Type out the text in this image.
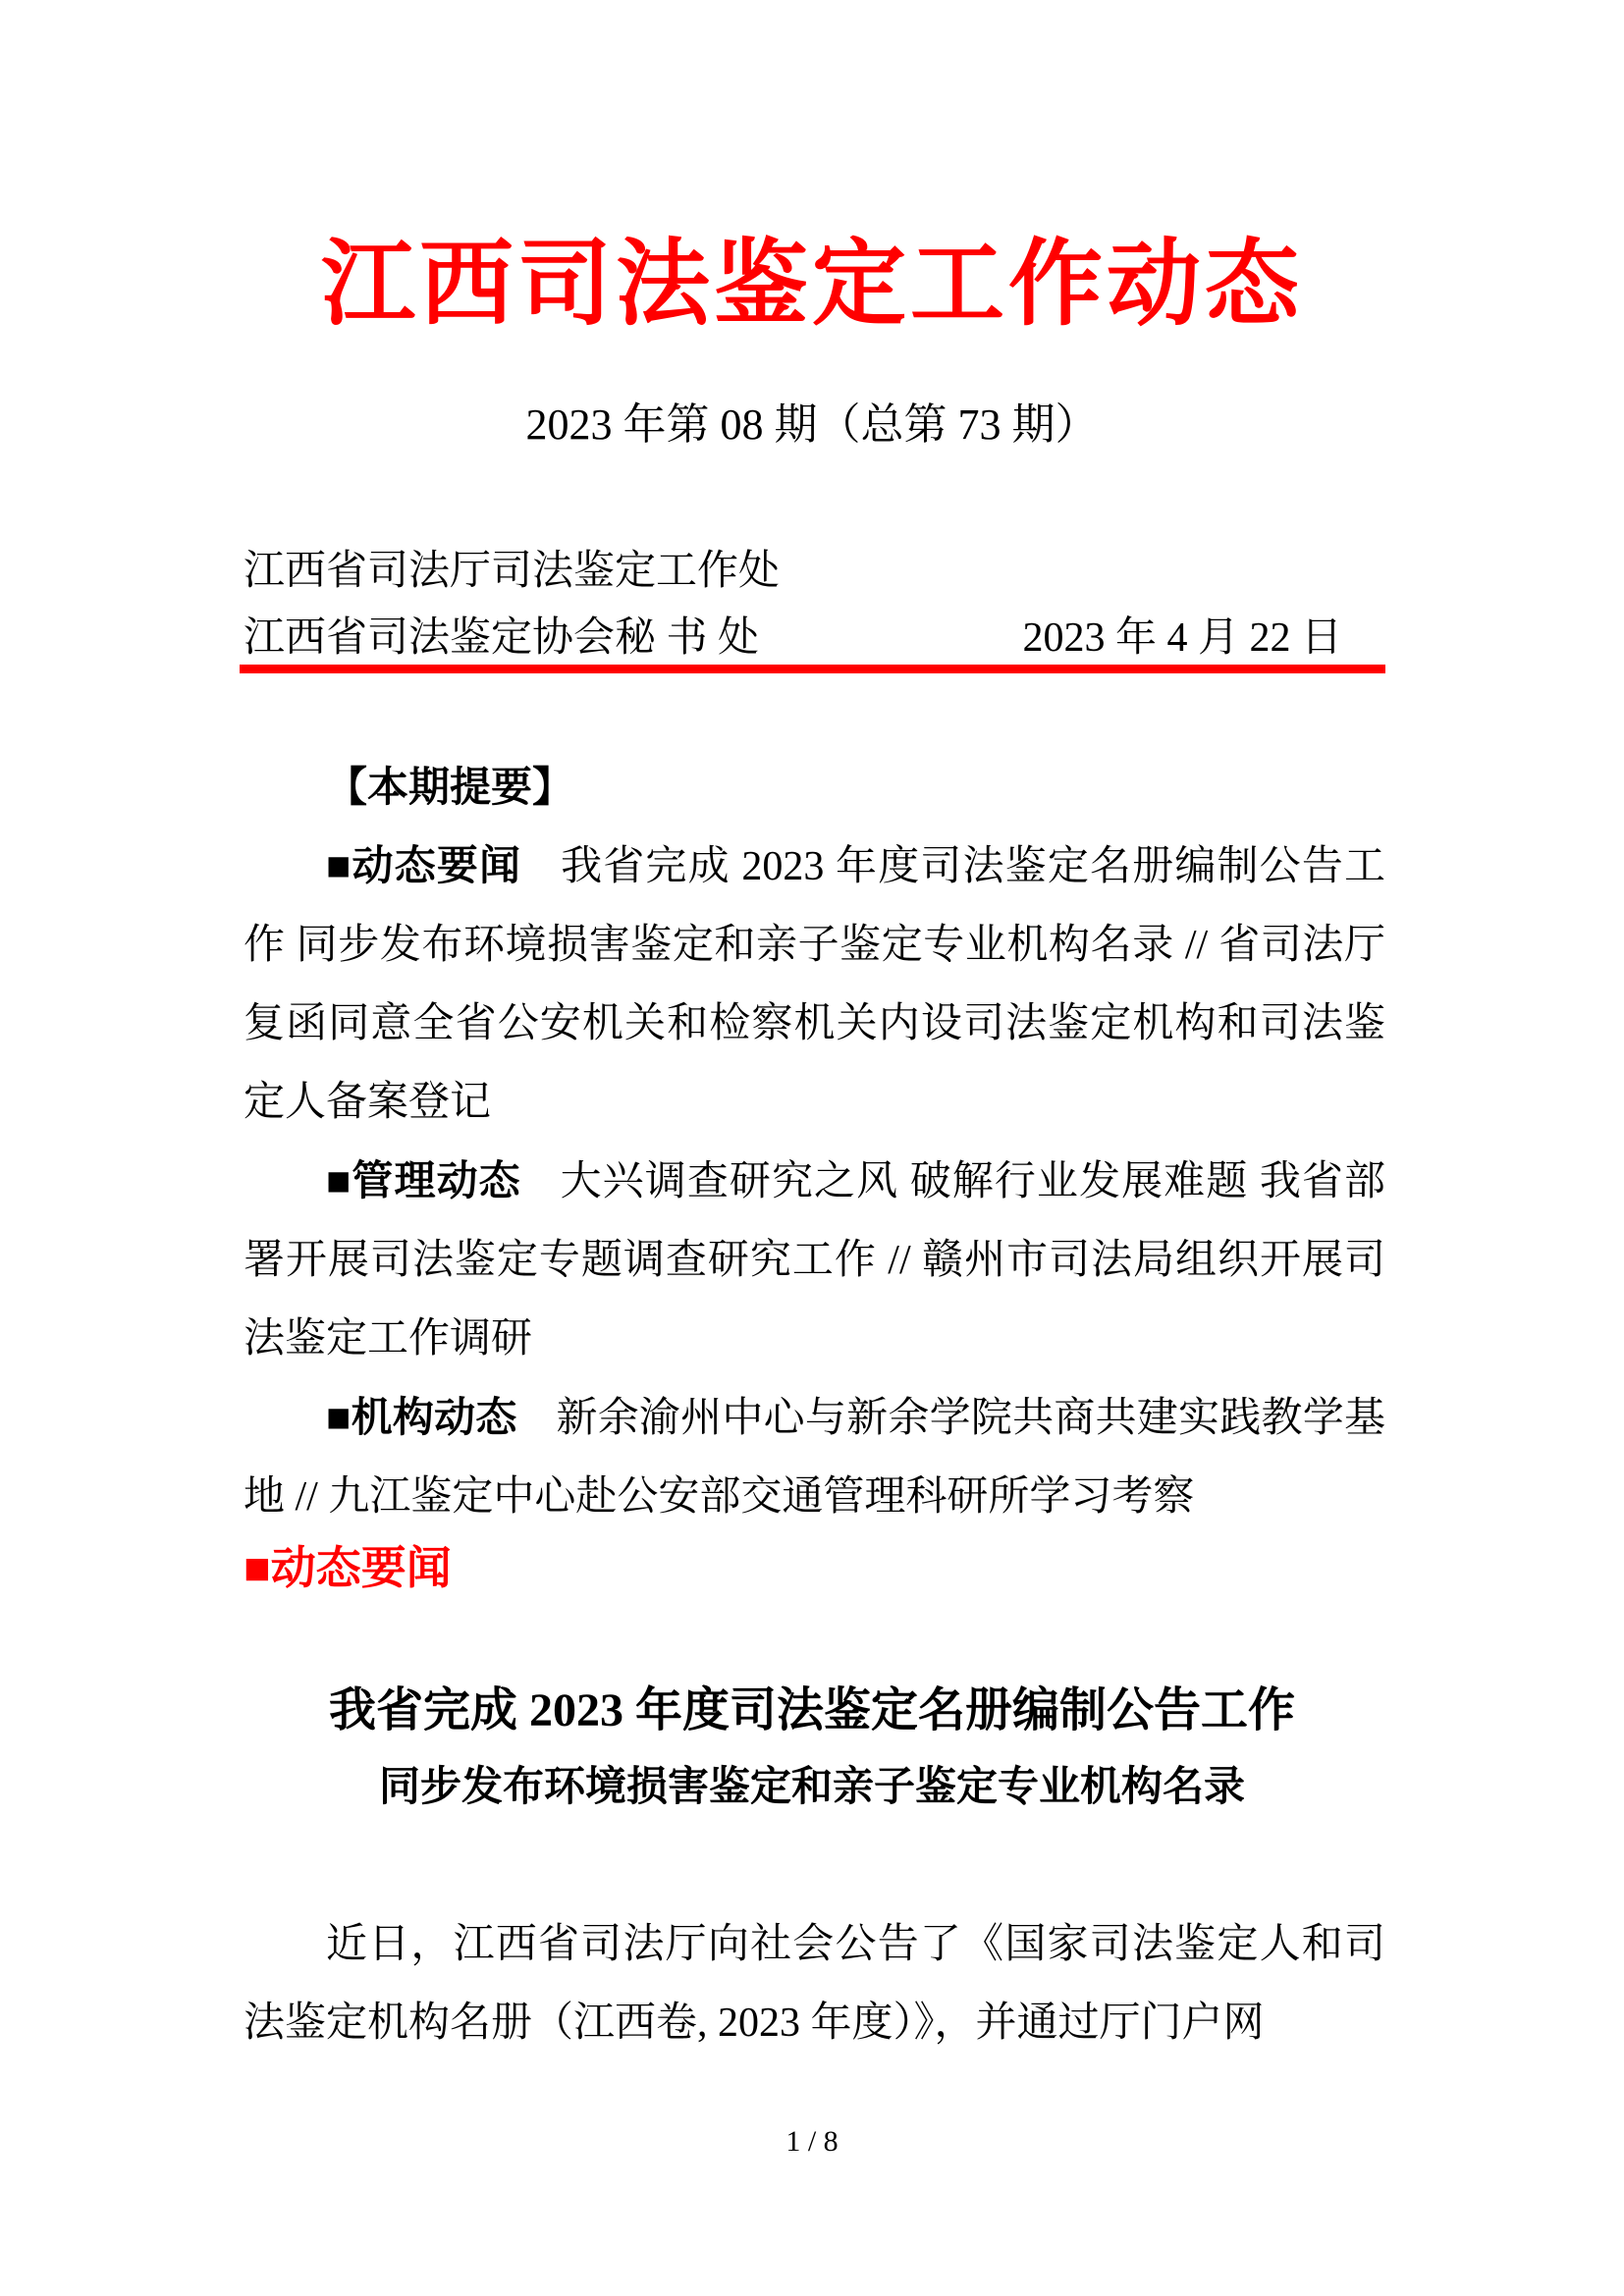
江西司法鉴定工作动态
2023 年第 08 期（总第 73 期）
江西省司法厅司法鉴定工作处
江西省司法鉴定协会秘 书 处	2023 年 4 月 22 日

【本期提要】

■动态要闻 我省完成 2023 年度司法鉴定名册编制公告工作 同步发布环境损害鉴定和亲子鉴定专业机构名录 // 省司法厅复函同意全省公安机关和检察机关内设司法鉴定机构和司法鉴定人备案登记

■管理动态 大兴调查研究之风 破解行业发展难题 我省部署开展司法鉴定专题调查研究工作 // 赣州市司法局组织开展司法鉴定工作调研

■机构动态 新余渝州中心与新余学院共商共建实践教学基地 // 九江鉴定中心赴公安部交通管理科研所学习考察

■动态要闻
我省完成 2023 年度司法鉴定名册编制公告工作
同步发布环境损害鉴定和亲子鉴定专业机构名录

近日，江西省司法厅向社会公告了《国家司法鉴定人和司法鉴定机构名册（江西卷, 2023 年度）》，并通过厅门户网

1 / 8
